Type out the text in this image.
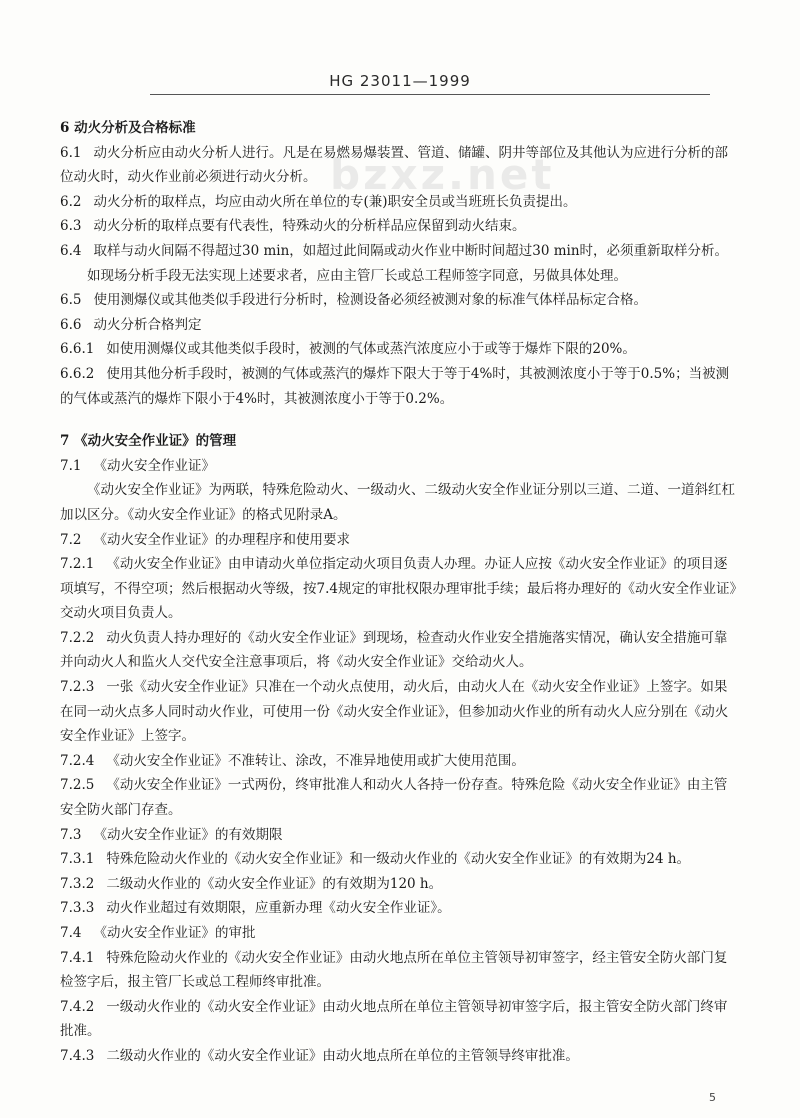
HG 23011—1999
bzxz.net
6 动火分析及合格标准
6.1 动火分析应由动火分析人进行。凡是在易燃易爆装置、管道、储罐、阴井等部位及其他认为应进行分析的部位动火时，动火作业前必须进行动火分析。
6.2 动火分析的取样点，均应由动火所在单位的专(兼)职安全员或当班班长负责提出。
6.3 动火分析的取样点要有代表性，特殊动火的分析样品应保留到动火结束。
6.4 取样与动火间隔不得超过30 min，如超过此间隔或动火作业中断时间超过30 min时，必须重新取样分析。
如现场分析手段无法实现上述要求者，应由主管厂长或总工程师签字同意，另做具体处理。
6.5 使用测爆仪或其他类似手段进行分析时，检测设备必须经被测对象的标准气体样品标定合格。
6.6 动火分析合格判定
6.6.1 如使用测爆仪或其他类似手段时，被测的气体或蒸汽浓度应小于或等于爆炸下限的20%。
6.6.2 使用其他分析手段时，被测的气体或蒸汽的爆炸下限大于等于4%时，其被测浓度小于等于0.5%；当被测的气体或蒸汽的爆炸下限小于4%时，其被测浓度小于等于0.2%。
7 《动火安全作业证》的管理
7.1 《动火安全作业证》
《动火安全作业证》为两联，特殊危险动火、一级动火、二级动火安全作业证分别以三道、二道、一道斜红杠加以区分。《动火安全作业证》的格式见附录A。
7.2 《动火安全作业证》的办理程序和使用要求
7.2.1 《动火安全作业证》由申请动火单位指定动火项目负责人办理。办证人应按《动火安全作业证》的项目逐项填写，不得空项；然后根据动火等级，按7.4规定的审批权限办理审批手续；最后将办理好的《动火安全作业证》交动火项目负责人。
7.2.2 动火负责人持办理好的《动火安全作业证》到现场，检查动火作业安全措施落实情况，确认安全措施可靠并向动火人和监火人交代安全注意事项后，将《动火安全作业证》交给动火人。
7.2.3 一张《动火安全作业证》只准在一个动火点使用，动火后，由动火人在《动火安全作业证》上签字。如果在同一动火点多人同时动火作业，可使用一份《动火安全作业证》，但参加动火作业的所有动火人应分别在《动火安全作业证》上签字。
7.2.4 《动火安全作业证》不准转让、涂改，不准异地使用或扩大使用范围。
7.2.5 《动火安全作业证》一式两份，终审批准人和动火人各持一份存查。特殊危险《动火安全作业证》由主管安全防火部门存查。
7.3 《动火安全作业证》的有效期限
7.3.1 特殊危险动火作业的《动火安全作业证》和一级动火作业的《动火安全作业证》的有效期为24 h。
7.3.2 二级动火作业的《动火安全作业证》的有效期为120 h。
7.3.3 动火作业超过有效期限，应重新办理《动火安全作业证》。
7.4 《动火安全作业证》的审批
7.4.1 特殊危险动火作业的《动火安全作业证》由动火地点所在单位主管领导初审签字，经主管安全防火部门复检签字后，报主管厂长或总工程师终审批准。
7.4.2 一级动火作业的《动火安全作业证》由动火地点所在单位主管领导初审签字后，报主管安全防火部门终审批准。
7.4.3 二级动火作业的《动火安全作业证》由动火地点所在单位的主管领导终审批准。
5
